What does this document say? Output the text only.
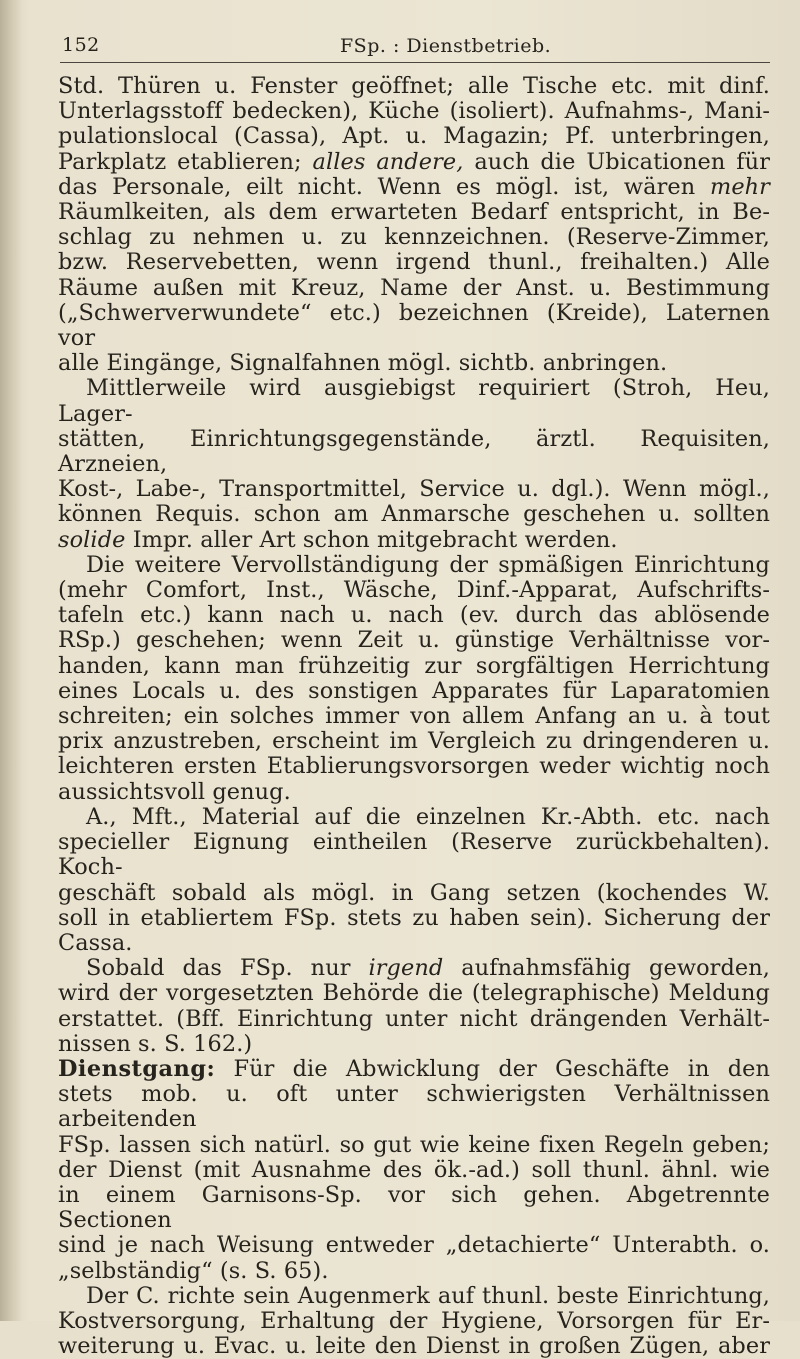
152	FSp. : Dienstbetrieb.

Std. Thüren u. Fenster geöffnet; alle Tische etc. mit dinf.

Unterlagsstoff bedecken), Küche (isoliert). Aufnahms-, Mani-

pulationslocal (Cassa), Apt. u. Magazin; Pf. unterbringen,

Parkplatz etablieren; alles andere, auch die Ubicationen für

das Personale, eilt nicht. Wenn es mögl. ist, wären mehr

Räumlkeiten, als dem erwarteten Bedarf entspricht, in Be-

schlag zu nehmen u. zu kennzeichnen. (Reserve-Zimmer,

bzw. Reservebetten, wenn irgend thunl., freihalten.) Alle

Räume außen mit Kreuz, Name der Anst. u. Bestimmung

(„Schwerverwundete“ etc.) bezeichnen (Kreide), Laternen vor

alle Eingänge, Signalfahnen mögl. sichtb. anbringen.

Mittlerweile wird ausgiebigst requiriert (Stroh, Heu, Lager-

stätten, Einrichtungsgegenstände, ärztl. Requisiten, Arzneien,

Kost-, Labe-, Transportmittel, Service u. dgl.). Wenn mögl.,

können Requis. schon am Anmarsche geschehen u. sollten

solide Impr. aller Art schon mitgebracht werden.

Die weitere Vervollständigung der spmäßigen Einrichtung

(mehr Comfort, Inst., Wäsche, Dinf.-Apparat, Aufschrifts-

tafeln etc.) kann nach u. nach (ev. durch das ablösende

RSp.) geschehen; wenn Zeit u. günstige Verhältnisse vor-

handen, kann man frühzeitig zur sorgfältigen Herrichtung

eines Locals u. des sonstigen Apparates für Laparatomien

schreiten; ein solches immer von allem Anfang an u. à tout

prix anzustreben, erscheint im Vergleich zu dringenderen u.

leichteren ersten Etablierungsvorsorgen weder wichtig noch

aussichtsvoll genug.

A., Mft., Material auf die einzelnen Kr.-Abth. etc. nach

specieller Eignung eintheilen (Reserve zurückbehalten). Koch-

geschäft sobald als mögl. in Gang setzen (kochendes W.

soll in etabliertem FSp. stets zu haben sein). Sicherung der

Cassa.

Sobald das FSp. nur irgend aufnahmsfähig geworden,

wird der vorgesetzten Behörde die (telegraphische) Meldung

erstattet. (Bff. Einrichtung unter nicht drängenden Verhält-

nissen s. S. 162.)

Dienstgang: Für die Abwicklung der Geschäfte in den

stets mob. u. oft unter schwierigsten Verhältnissen arbeitenden

FSp. lassen sich natürl. so gut wie keine fixen Regeln geben;

der Dienst (mit Ausnahme des ök.-ad.) soll thunl. ähnl. wie

in einem Garnisons-Sp. vor sich gehen. Abgetrennte Sectionen

sind je nach Weisung entweder „detachierte“ Unterabth. o.

„selbständig“ (s. S. 65).

Der C. richte sein Augenmerk auf thunl. beste Einrichtung,

Kostversorgung, Erhaltung der Hygiene, Vorsorgen für Er-

weiterung u. Evac. u. leite den Dienst in großen Zügen, aber
